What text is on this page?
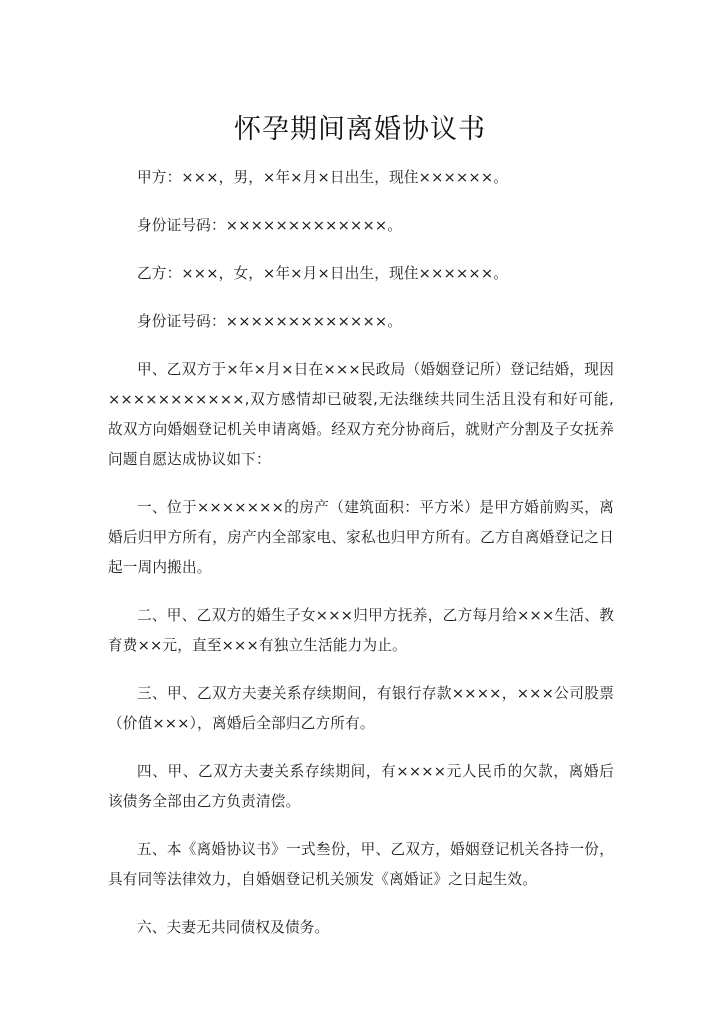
怀孕期间离婚协议书

甲方：×××，男，×年×月×日出生，现住××××××。

身份证号码：×××××××××××××。

乙方：×××，女，×年×月×日出生，现住××××××。

身份证号码：×××××××××××××。

甲、乙双方于×年×月×日在×××民政局（婚姻登记所）登记结婚，现因×××××××××××,双方感情却已破裂,无法继续共同生活且没有和好可能,故双方向婚姻登记机关申请离婚。经双方充分协商后，就财产分割及子女抚养问题自愿达成协议如下：

一、位于×××××××的房产（建筑面积：平方米）是甲方婚前购买，离婚后归甲方所有，房产内全部家电、家私也归甲方所有。乙方自离婚登记之日起一周内搬出。

二、甲、乙双方的婚生子女×××归甲方抚养，乙方每月给×××生活、教育费××元，直至×××有独立生活能力为止。

三、甲、乙双方夫妻关系存续期间，有银行存款××××，×××公司股票（价值×××），离婚后全部归乙方所有。

四、甲、乙双方夫妻关系存续期间，有××××元人民币的欠款，离婚后该债务全部由乙方负责清偿。

五、本《离婚协议书》一式叁份，甲、乙双方，婚姻登记机关各持一份，具有同等法律效力，自婚姻登记机关颁发《离婚证》之日起生效。

六、夫妻无共同债权及债务。
